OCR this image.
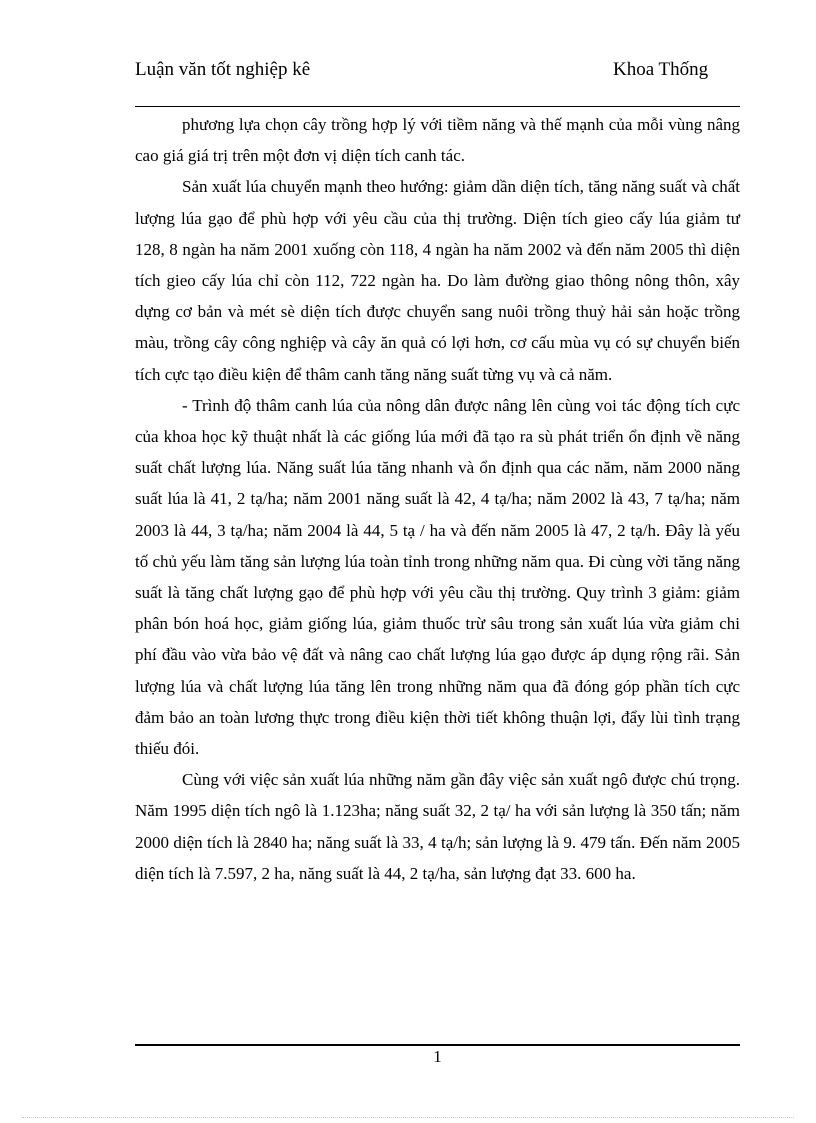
Luận văn tốt nghiệp kê	Khoa Thống

phương lựa chọn cây trồng hợp lý với tiềm năng và thế mạnh của mỗi vùng nâng cao giá giá trị trên một đơn vị diện tích canh tác.

Sản xuất lúa chuyển mạnh theo hướng: giảm dần diện tích, tăng năng suất và chất lượng lúa gạo để phù hợp với yêu cầu của thị trường. Diện tích gieo cấy lúa giảm tư 128, 8 ngàn ha năm 2001 xuống còn 118, 4 ngàn ha năm 2002 và đến năm 2005 thì diện tích gieo cấy lúa chỉ còn 112, 722 ngàn ha. Do làm đường giao thông nông thôn, xây dựng cơ bản và mét sè diện tích được chuyển sang nuôi trồng thuỷ hải sản hoặc trồng màu, trồng cây công nghiệp và cây ăn quả có lợi hơn, cơ cấu mùa vụ có sự chuyển biến tích cực tạo điều kiện để thâm canh tăng năng suất từng vụ và cả năm.

- Trình độ thâm canh lúa của nông dân được nâng lên cùng voi tác động tích cực của khoa học kỹ thuật nhất là các giống lúa mới đã tạo ra sù phát triển ổn định về năng suất chất lượng lúa. Năng suất lúa tăng nhanh và ổn định qua các năm, năm 2000 năng suất lúa là 41, 2 tạ/ha; năm 2001 năng suất là 42, 4 tạ/ha; năm 2002 là 43, 7 tạ/ha; năm 2003 là 44, 3 tạ/ha; năm 2004 là 44, 5 tạ / ha và đến năm 2005 là 47, 2 tạ/h. Đây là yếu tố chủ yếu làm tăng sản lượng lúa toàn tỉnh trong những năm qua. Đi cùng vời tăng năng suất là tăng chất lượng gạo để phù hợp với yêu cầu thị trường. Quy trình 3 giảm: giảm phân bón hoá học, giảm giống lúa, giảm thuốc trừ sâu trong sản xuất lúa vừa giảm chi phí đầu vào vừa bảo vệ đất và nâng cao chất lượng lúa gạo được áp dụng rộng rãi. Sản lượng lúa và chất lượng lúa tăng lên trong những năm qua đã đóng góp phần tích cực đảm bảo an toàn lương thực trong điều kiện thời tiết không thuận lợi, đẩy lùi tình trạng thiếu đói.

Cùng với việc sản xuất lúa những năm gần đây việc sản xuất ngô được chú trọng. Năm 1995 diện tích ngô là 1.123ha; năng suất 32, 2 tạ/ ha với sản lượng là 350 tấn; năm 2000 diện tích là 2840 ha; năng suất là 33, 4 tạ/h; sản lượng là 9. 479 tấn. Đến năm 2005 diện tích là 7.597, 2 ha, năng suất là 44, 2 tạ/ha, sản lượng đạt 33. 600 ha.

1
